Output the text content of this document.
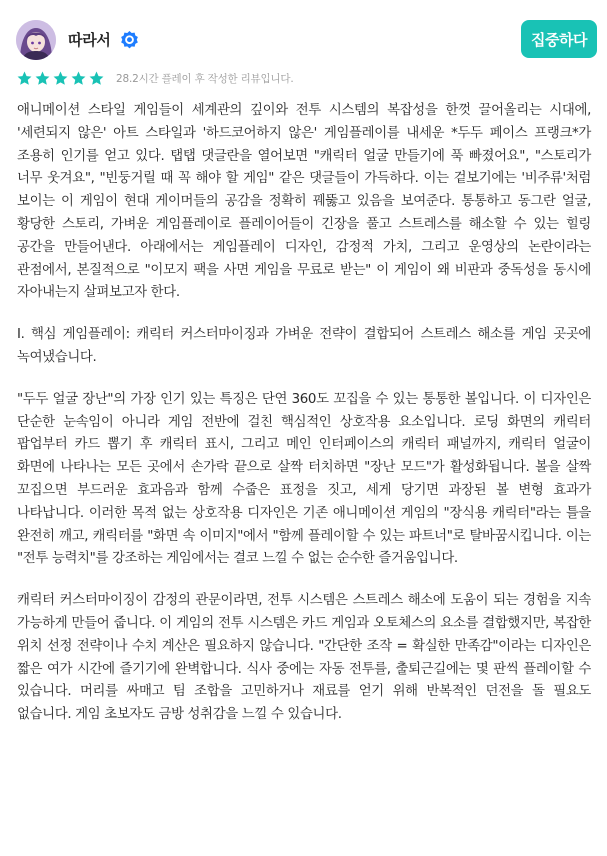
따라서	집중하다
28.2시간 플레이 후 작성한 리뷰입니다.

애니메이션 스타일 게임들이 세계관의 깊이와 전투 시스템의 복잡성을 한껏 끌어올리는 시대에, '세련되지 않은' 아트 스타일과 '하드코어하지 않은' 게임플레이를 내세운 *두두 페이스 프랭크*가 조용히 인기를 얻고 있다. 탭탭 댓글란을 열어보면 "캐릭터 얼굴 만들기에 푹 빠졌어요", "스토리가 너무 웃겨요", "빈둥거릴 때 꼭 해야 할 게임" 같은 댓글들이 가득하다. 이는 겉보기에는 '비주류'처럼 보이는 이 게임이 현대 게이머들의 공감을 정확히 꿰뚫고 있음을 보여준다. 통통하고 동그란 얼굴, 황당한 스토리, 가벼운 게임플레이로 플레이어들이 긴장을 풀고 스트레스를 해소할 수 있는 힐링 공간을 만들어낸다. 아래에서는 게임플레이 디자인, 감정적 가치, 그리고 운영상의 논란이라는 관점에서, 본질적으로 "이모지 팩을 사면 게임을 무료로 받는" 이 게임이 왜 비판과 중독성을 동시에 자아내는지 살펴보고자 한다.

I. 핵심 게임플레이: 캐릭터 커스터마이징과 가벼운 전략이 결합되어 스트레스 해소를 게임 곳곳에 녹여냈습니다.

"두두 얼굴 장난"의 가장 인기 있는 특징은 단연 360도 꼬집을 수 있는 통통한 볼입니다. 이 디자인은 단순한 눈속임이 아니라 게임 전반에 걸친 핵심적인 상호작용 요소입니다. 로딩 화면의 캐릭터 팝업부터 카드 뽑기 후 캐릭터 표시, 그리고 메인 인터페이스의 캐릭터 패널까지, 캐릭터 얼굴이 화면에 나타나는 모든 곳에서 손가락 끝으로 살짝 터치하면 "장난 모드"가 활성화됩니다. 볼을 살짝 꼬집으면 부드러운 효과음과 함께 수줍은 표정을 짓고, 세게 당기면 과장된 볼 변형 효과가 나타납니다. 이러한 목적 없는 상호작용 디자인은 기존 애니메이션 게임의 "장식용 캐릭터"라는 틀을 완전히 깨고, 캐릭터를 "화면 속 이미지"에서 "함께 플레이할 수 있는 파트너"로 탈바꿈시킵니다. 이는 "전투 능력치"를 강조하는 게임에서는 결코 느낄 수 없는 순수한 즐거움입니다.

캐릭터 커스터마이징이 감정의 관문이라면, 전투 시스템은 스트레스 해소에 도움이 되는 경험을 지속 가능하게 만들어 줍니다. 이 게임의 전투 시스템은 카드 게임과 오토체스의 요소를 결합했지만, 복잡한 위치 선정 전략이나 수치 계산은 필요하지 않습니다. "간단한 조작 = 확실한 만족감"이라는 디자인은 짧은 여가 시간에 즐기기에 완벽합니다. 식사 중에는 자동 전투를, 출퇴근길에는 몇 판씩 플레이할 수 있습니다. 머리를 싸매고 팀 조합을 고민하거나 재료를 얻기 위해 반복적인 던전을 돌 필요도 없습니다. 게임 초보자도 금방 성취감을 느낄 수 있습니다.
